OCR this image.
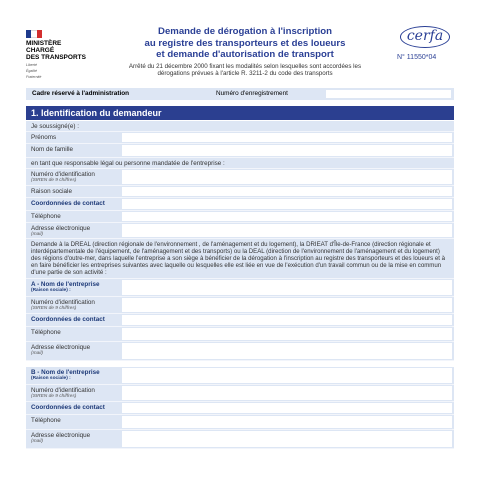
MINISTÈRE
CHARGÉ
DES TRANSPORTS
Liberté
Égalité
Fraternité
Demande de dérogation à l'inscription
au registre des transporteurs et des loueurs
et demande d'autorisation de transport
Arrêté du 21 décembre 2000 fixant les modalités selon lesquelles sont accordées les
dérogations prévues à l'article R. 3211-2 du code des transports
cerfa
N° 11550*04
Cadre réservé à l'administration	Numéro d'enregistrement
1. Identification du demandeur
Je soussigné(e) :
Prénoms
Nom de famille
en tant que responsable légal ou personne mandatée de l'entreprise :
Numéro d'identification
(SIREN de 9 chiffres)
Raison sociale
Coordonnées de contact
Téléphone
Adresse électronique
(mail)
Demande à la DREAL (direction régionale de l'environnement , de l'aménagement et du logement), la DRIEAT d'Île-de-France (direction régionale et interdépartementale de l'équipement, de l'aménagement et des transports) ou la DEAL (direction de l'environnement de l'aménagement et du logement) des régions d'outre-mer, dans laquelle l'entreprise a son siège à bénéficier de la dérogation à l'inscription au registre des transporteurs et des loueurs et à en faire bénéficier les entreprises suivantes avec laquelle ou lesquelles elle est liée en vue de l'exécution d'un travail commun ou de la mise en commun d'une partie de son activité :
A - Nom de l'entreprise
(Raison sociale) :
Numéro d'identification
(SIREN de 9 chiffres)
Coordonnées de contact
Téléphone
Adresse électronique
(mail)
B - Nom de l'entreprise
(Raison sociale) :
Numéro d'identification
(SIREN de 9 chiffres)
Coordonnées de contact
Téléphone
Adresse électronique
(mail)
